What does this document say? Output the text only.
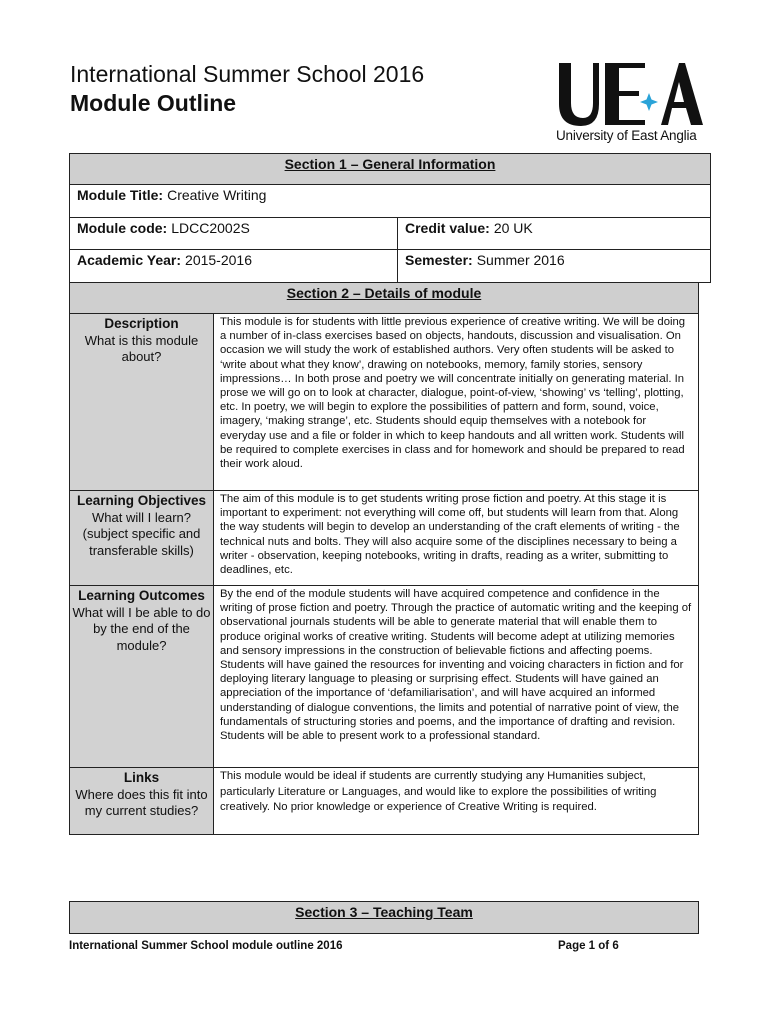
International Summer School 2016
Module Outline
University of East Anglia
Section 1 – General Information
Module Title: Creative Writing
Module code: LDCC2002S	Credit value: 20 UK
Academic Year: 2015-2016	Semester: Summer 2016
Section 2 – Details of module
Description
What is this module about?
This module is for students with little previous experience of creative writing. We will be doing a number of in-class exercises based on objects, handouts, discussion and visualisation. On occasion we will study the work of established authors. Very often students will be asked to ‘write about what they know’, drawing on notebooks, memory, family stories, sensory impressions… In both prose and poetry we will concentrate initially on generating material. In prose we will go on to look at character, dialogue, point-of-view, ‘showing’ vs ‘telling’, plotting, etc. In poetry, we will begin to explore the possibilities of pattern and form, sound, voice, imagery, ‘making strange’, etc. Students should equip themselves with a notebook for everyday use and a file or folder in which to keep handouts and all written work. Students will be required to complete exercises in class and for homework and should be prepared to read their work aloud.
Learning Objectives
What will I learn? (subject specific and transferable skills)
The aim of this module is to get students writing prose fiction and poetry. At this stage it is important to experiment: not everything will come off, but students will learn from that. Along the way students will begin to develop an understanding of the craft elements of writing - the technical nuts and bolts. They will also acquire some of the disciplines necessary to being a writer - observation, keeping notebooks, writing in drafts, reading as a writer, submitting to deadlines, etc.
Learning Outcomes
What will I be able to do by the end of the module?
By the end of the module students will have acquired competence and confidence in the writing of prose fiction and poetry. Through the practice of automatic writing and the keeping of observational journals students will be able to generate material that will enable them to produce original works of creative writing. Students will become adept at utilizing memories and sensory impressions in the construction of believable fictions and affecting poems. Students will have gained the resources for inventing and voicing characters in fiction and for deploying literary language to pleasing or surprising effect. Students will have gained an appreciation of the importance of ‘defamiliarisation’, and will have acquired an informed understanding of dialogue conventions, the limits and potential of narrative point of view, the fundamentals of structuring stories and poems, and the importance of drafting and revision. Students will be able to present work to a professional standard.
Links
Where does this fit into my current studies?
This module would be ideal if students are currently studying any Humanities subject, particularly Literature or Languages, and would like to explore the possibilities of writing creatively. No prior knowledge or experience of Creative Writing is required.
Section 3 – Teaching Team
International Summer School module outline 2016	Page 1 of 6
